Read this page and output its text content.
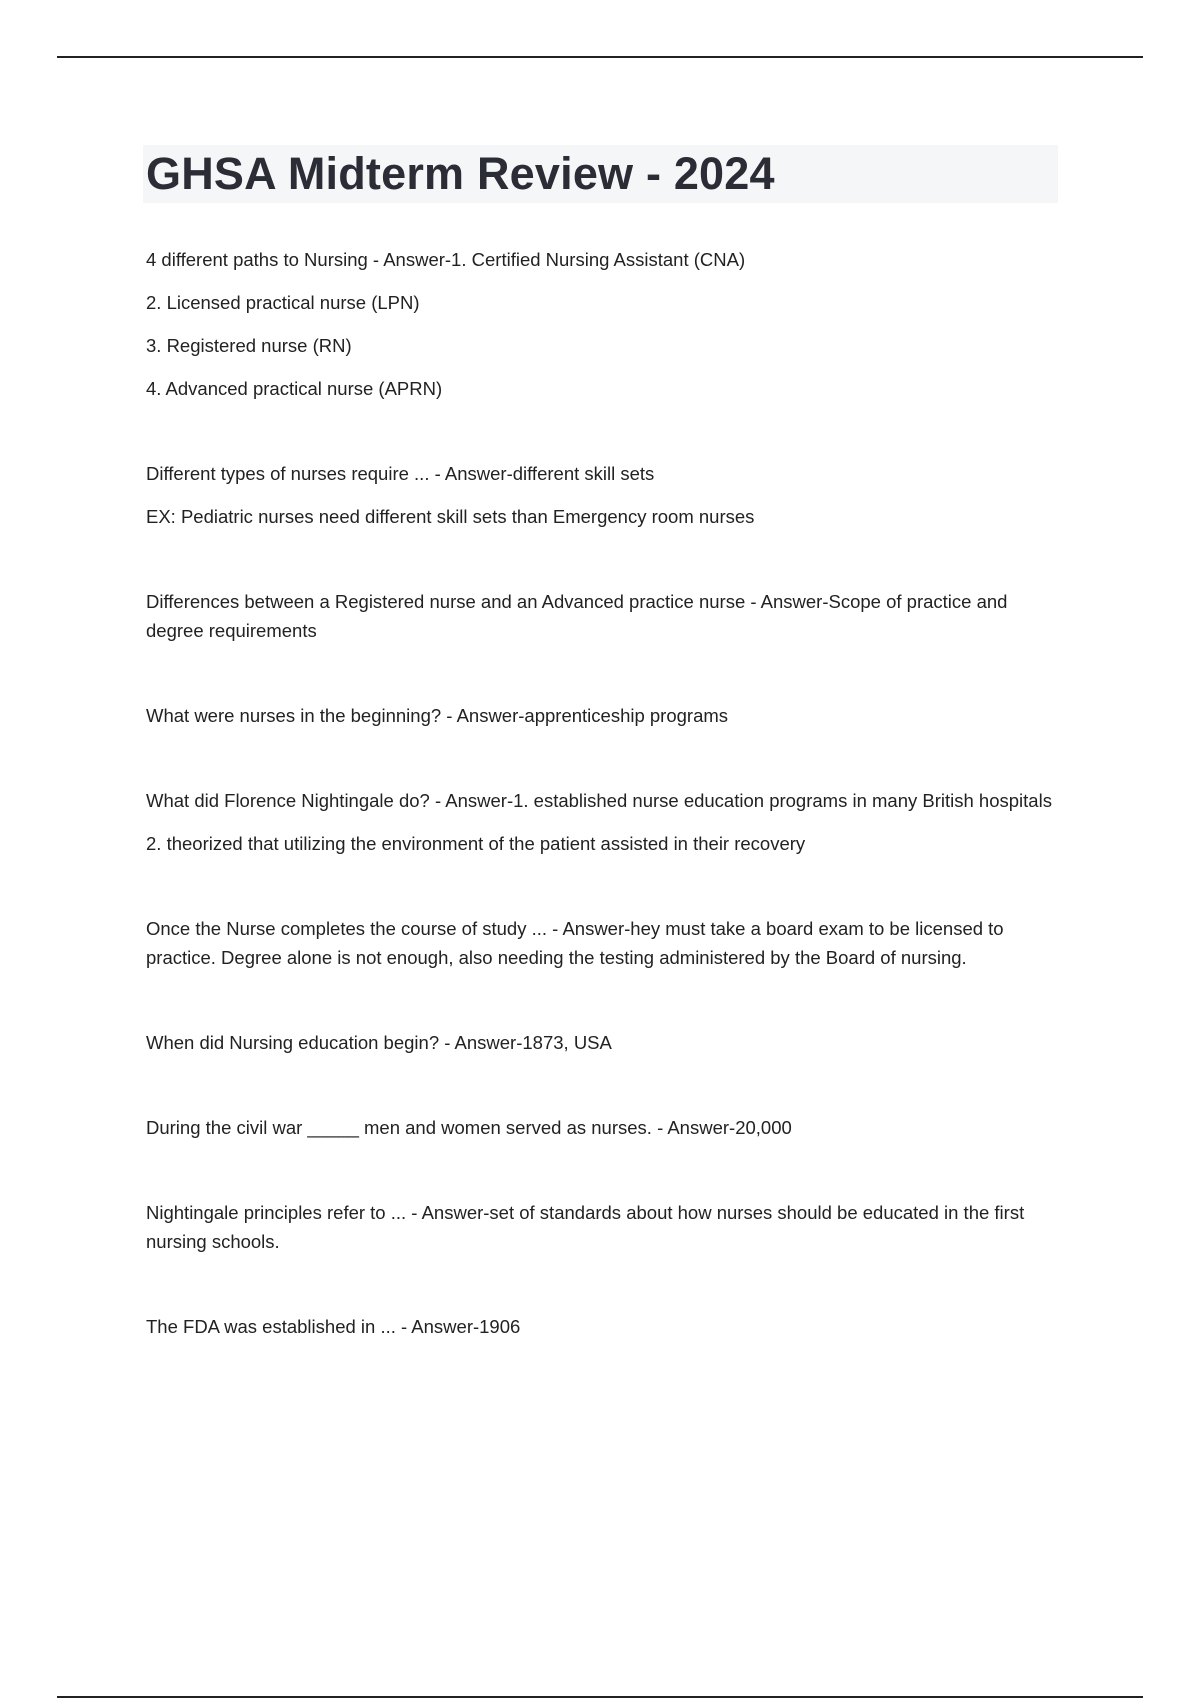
GHSA Midterm Review - 2024

4 different paths to Nursing - Answer-1. Certified Nursing Assistant (CNA)

2. Licensed practical nurse (LPN)

3. Registered nurse (RN)

4. Advanced practical nurse (APRN)

Different types of nurses require ... - Answer-different skill sets

EX: Pediatric nurses need different skill sets than Emergency room nurses

Differences between a Registered nurse and an Advanced practice nurse - Answer-Scope of practice and degree requirements

What were nurses in the beginning? - Answer-apprenticeship programs

What did Florence Nightingale do? - Answer-1. established nurse education programs in many British hospitals

2. theorized that utilizing the environment of the patient assisted in their recovery

Once the Nurse completes the course of study ... - Answer-hey must take a board exam to be licensed to practice. Degree alone is not enough, also needing the testing administered by the Board of nursing.

When did Nursing education begin? - Answer-1873, USA

During the civil war _____ men and women served as nurses. - Answer-20,000

Nightingale principles refer to ... - Answer-set of standards about how nurses should be educated in the first nursing schools.

The FDA was established in ... - Answer-1906
